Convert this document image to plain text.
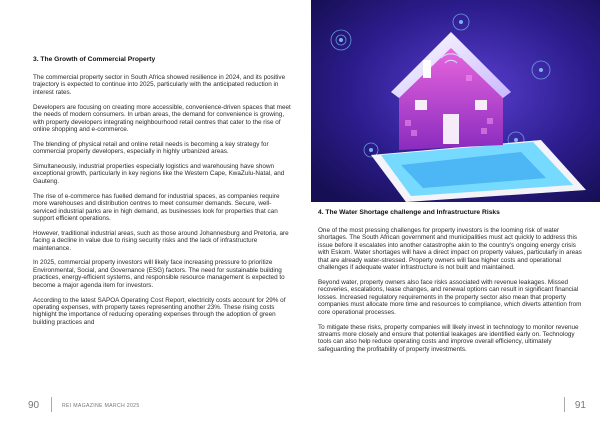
3. The Growth of Commercial Property

The commercial property sector in South Africa showed resilience in 2024, and its positive trajectory is expected to continue into 2025, particularly with the anticipated reduction in interest rates.

Developers are focusing on creating more accessible, convenience-driven spaces that meet the needs of modern consumers. In urban areas, the demand for convenience is growing, with property developers integrating neighbourhood retail centres that cater to the rise of online shopping and e-commerce.

The blending of physical retail and online retail needs is becoming a key strategy for commercial property developers, especially in highly urbanized areas.

Simultaneously, industrial properties especially logistics and warehousing have shown exceptional growth, particularly in key regions like the Western Cape, KwaZulu-Natal, and Gauteng.

The rise of e-commerce has fuelled demand for industrial spaces, as companies require more warehouses and distribution centres to meet consumer demands. Secure, well-serviced industrial parks are in high demand, as businesses look for properties that can support efficient operations.

However, traditional industrial areas, such as those around Johannesburg and Pretoria, are facing a decline in value due to rising security risks and the lack of infrastructure maintenance.

In 2025, commercial property investors will likely face increasing pressure to prioritize Environmental, Social, and Governance (ESG) factors. The need for sustainable building practices, energy-efficient systems, and responsible resource management is expected to become a major agenda item for investors.

According to the latest SAPOA Operating Cost Report, electricity costs account for 29% of operating expenses, with property taxes representing another 23%. These rising costs highlight the importance of reducing operating expenses through the adoption of green building practices and

90	REI MAGAZINE MARCH 2025
4. The Water Shortage challenge and Infrastructure Risks

One of the most pressing challenges for property investors is the looming risk of water shortages. The South African government and municipalities must act quickly to address this issue before it escalates into another catastrophe akin to the country's ongoing energy crisis with Eskom. Water shortages will have a direct impact on property values, particularly in areas that are already water-stressed. Property owners will face higher costs and operational challenges if adequate water infrastructure is not built and maintained.

Beyond water, property owners also face risks associated with revenue leakages. Missed recoveries, escalations, lease changes, and renewal options can result in significant financial losses. Increased regulatory requirements in the property sector also mean that property companies must allocate more time and resources to compliance, which diverts attention from core operational processes.

To mitigate these risks, property companies will likely invest in technology to monitor revenue streams more closely and ensure that potential leakages are identified early on. Technology tools can also help reduce operating costs and improve overall efficiency, ultimately safeguarding the profitability of property investments.

91
